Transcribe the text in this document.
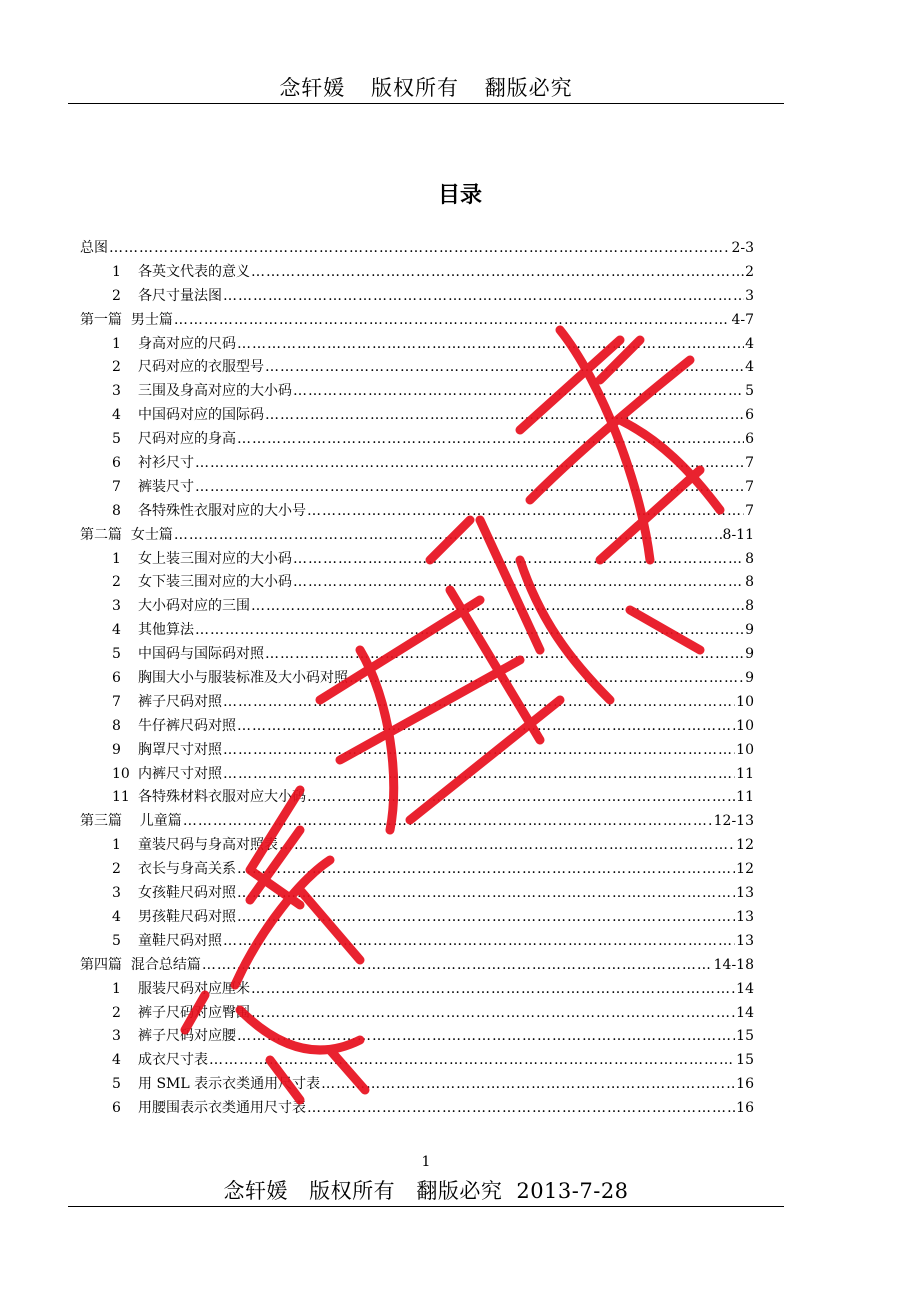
念轩媛 版权所有 翻版必究
目录
总图 ……………………………………………………………………………………………………………………………………………………………………………………	2-3
1	各英文代表的意义 ……………………………………………………………………………………………………………………………………………………………………………………	2
2	各尺寸量法图 ……………………………………………………………………………………………………………………………………………………………………………………	3
第一篇  男士篇 ……………………………………………………………………………………………………………………………………………………………………………………	4-7
1	身高对应的尺码 ……………………………………………………………………………………………………………………………………………………………………………………	4
2	尺码对应的衣服型号 ……………………………………………………………………………………………………………………………………………………………………………………	4
3	三围及身高对应的大小码 ……………………………………………………………………………………………………………………………………………………………………………………	5
4	中国码对应的国际码 ……………………………………………………………………………………………………………………………………………………………………………………	6
5	尺码对应的身高 ……………………………………………………………………………………………………………………………………………………………………………………	6
6	衬衫尺寸 ……………………………………………………………………………………………………………………………………………………………………………………	7
7	裤装尺寸 ……………………………………………………………………………………………………………………………………………………………………………………	7
8	各特殊性衣服对应的大小号 ……………………………………………………………………………………………………………………………………………………………………………………	7
第二篇  女士篇 ……………………………………………………………………………………………………………………………………………………………………………………	8-11
1	女上装三围对应的大小码 ……………………………………………………………………………………………………………………………………………………………………………………	8
2	女下装三围对应的大小码 ……………………………………………………………………………………………………………………………………………………………………………………	8
3	大小码对应的三围 ……………………………………………………………………………………………………………………………………………………………………………………	8
4	其他算法 ……………………………………………………………………………………………………………………………………………………………………………………	9
5	中国码与国际码对照 ……………………………………………………………………………………………………………………………………………………………………………………	9
6	胸围大小与服装标准及大小码对照 ……………………………………………………………………………………………………………………………………………………………………………………	9
7	裤子尺码对照 ……………………………………………………………………………………………………………………………………………………………………………………	10
8	牛仔裤尺码对照 ……………………………………………………………………………………………………………………………………………………………………………………	10
9	胸罩尺寸对照 ……………………………………………………………………………………………………………………………………………………………………………………	10
10 内裤尺寸对照 ……………………………………………………………………………………………………………………………………………………………………………………	11
11 各特殊材料衣服对应大小码 ……………………………………………………………………………………………………………………………………………………………………………………	11
第三篇    儿童篇 ……………………………………………………………………………………………………………………………………………………………………………………	12-13
1	童装尺码与身高对照表 ……………………………………………………………………………………………………………………………………………………………………………………	12
2	衣长与身高关系 ……………………………………………………………………………………………………………………………………………………………………………………	12
3	女孩鞋尺码对照 ……………………………………………………………………………………………………………………………………………………………………………………	13
4	男孩鞋尺码对照 ……………………………………………………………………………………………………………………………………………………………………………………	13
5	童鞋尺码对照 ……………………………………………………………………………………………………………………………………………………………………………………	13
第四篇  混合总结篇 ……………………………………………………………………………………………………………………………………………………………………………………	14-18
1	服装尺码对应厘米 ……………………………………………………………………………………………………………………………………………………………………………………	14
2	裤子尺码对应臀围 ……………………………………………………………………………………………………………………………………………………………………………………	14
3	裤子尺码对应腰 ……………………………………………………………………………………………………………………………………………………………………………………	15
4	成衣尺寸表 ……………………………………………………………………………………………………………………………………………………………………………………	15
5	用 SML 表示衣类通用尺寸表 ……………………………………………………………………………………………………………………………………………………………………………………	16
6	用腰围表示衣类通用尺寸表 ……………………………………………………………………………………………………………………………………………………………………………………	16
1
念轩媛 版权所有 翻版必究 2013-7-28
